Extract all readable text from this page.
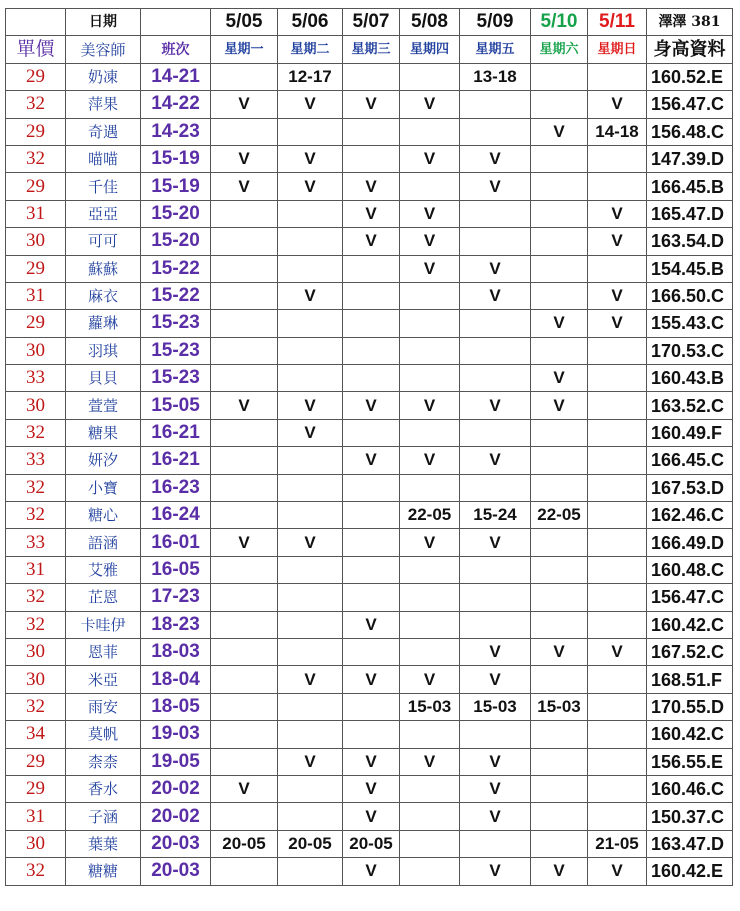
	日期		5/05	5/06	5/07	5/08	5/09	5/10	5/11	澤澤 381
單價	美容師	班次	星期一	星期二	星期三	星期四	星期五	星期六	星期日	身高資料
29	奶凍	14-21		12-17			13-18			160.52.E
32	萍果	14-22	V	V	V	V			V	156.47.C
29	奇遇	14-23						V	14-18	156.48.C
32	喵喵	15-19	V	V		V	V			147.39.D
29	千佳	15-19	V	V	V		V			166.45.B
31	亞亞	15-20			V	V			V	165.47.D
30	可可	15-20			V	V			V	163.54.D
29	蘇蘇	15-22				V	V			154.45.B
31	麻衣	15-22		V			V		V	166.50.C
29	蘿琳	15-23						V	V	155.43.C
30	羽琪	15-23								170.53.C
33	貝貝	15-23						V		160.43.B
30	萱萱	15-05	V	V	V	V	V	V		163.52.C
32	糖果	16-21		V						160.49.F
33	妍汐	16-21			V	V	V			166.45.C
32	小寶	16-23								167.53.D
32	糖心	16-24				22-05	15-24	22-05		162.46.C
33	語涵	16-01	V	V		V	V			166.49.D
31	艾雅	16-05								160.48.C
32	芷恩	17-23								156.47.C
32	卡哇伊	18-23			V					160.42.C
30	恩菲	18-03					V	V	V	167.52.C
30	米亞	18-04		V	V	V	V			168.51.F
32	雨安	18-05				15-03	15-03	15-03		170.55.D
34	莫帆	19-03								160.42.C
29	柰柰	19-05		V	V	V	V			156.55.E
29	香水	20-02	V		V		V			160.46.C
31	子涵	20-02			V		V			150.37.C
30	葉葉	20-03	20-05	20-05	20-05				21-05	163.47.D
32	糖糖	20-03			V		V	V	V	160.42.E
